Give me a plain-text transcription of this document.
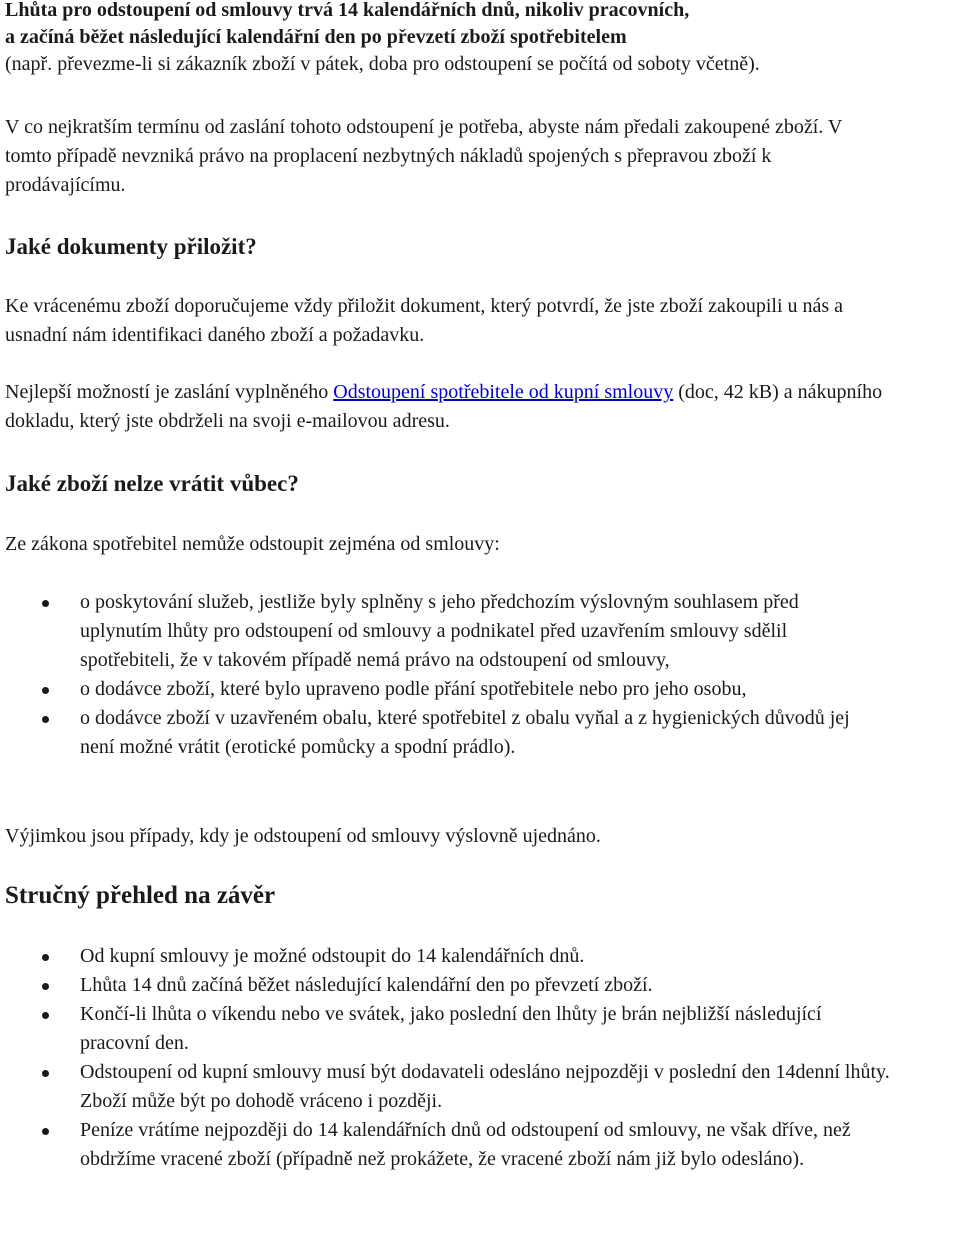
Lhůta pro odstoupení od smlouvy trvá 14 kalendářních dnů, nikoliv pracovních,
a začíná běžet následující kalendářní den po převzetí zboží spotřebitelem
(např. převezme-li si zákazník zboží v pátek, doba pro odstoupení se počítá od soboty včetně).

V co nejkratším termínu od zaslání tohoto odstoupení je potřeba, abyste nám předali zakoupené zboží. V tomto případě nevzniká právo na proplacení nezbytných nákladů spojených s přepravou zboží k prodávajícímu.

Jaké dokumenty přiložit?

Ke vrácenému zboží doporučujeme vždy přiložit dokument, který potvrdí, že jste zboží zakoupili u nás a usnadní nám identifikaci daného zboží a požadavku.

Nejlepší možností je zaslání vyplněného Odstoupení spotřebitele od kupní smlouvy (doc, 42 kB) a nákupního dokladu, který jste obdrželi na svoji e-mailovou adresu.

Jaké zboží nelze vrátit vůbec?

Ze zákona spotřebitel nemůže odstoupit zejména od smlouvy:

o poskytování služeb, jestliže byly splněny s jeho předchozím výslovným souhlasem před uplynutím lhůty pro odstoupení od smlouvy a podnikatel před uzavřením smlouvy sdělil spotřebiteli, že v takovém případě nemá právo na odstoupení od smlouvy,
o dodávce zboží, které bylo upraveno podle přání spotřebitele nebo pro jeho osobu,
o dodávce zboží v uzavřeném obalu, které spotřebitel z obalu vyňal a z hygienických důvodů jej není možné vrátit (erotické pomůcky a spodní prádlo).

Výjimkou jsou případy, kdy je odstoupení od smlouvy výslovně ujednáno.

Stručný přehled na závěr
Od kupní smlouvy je možné odstoupit do 14 kalendářních dnů.
Lhůta 14 dnů začíná běžet následující kalendářní den po převzetí zboží.
Končí-li lhůta o víkendu nebo ve svátek, jako poslední den lhůty je brán nejbližší následující pracovní den.
Odstoupení od kupní smlouvy musí být dodavateli odesláno nejpozději v poslední den 14denní lhůty.
Zboží může být po dohodě vráceno i později.
Peníze vrátíme nejpozději do 14 kalendářních dnů od odstoupení od smlouvy, ne však dříve, než obdržíme vracené zboží (případně než prokážete, že vracené zboží nám již bylo odesláno).
